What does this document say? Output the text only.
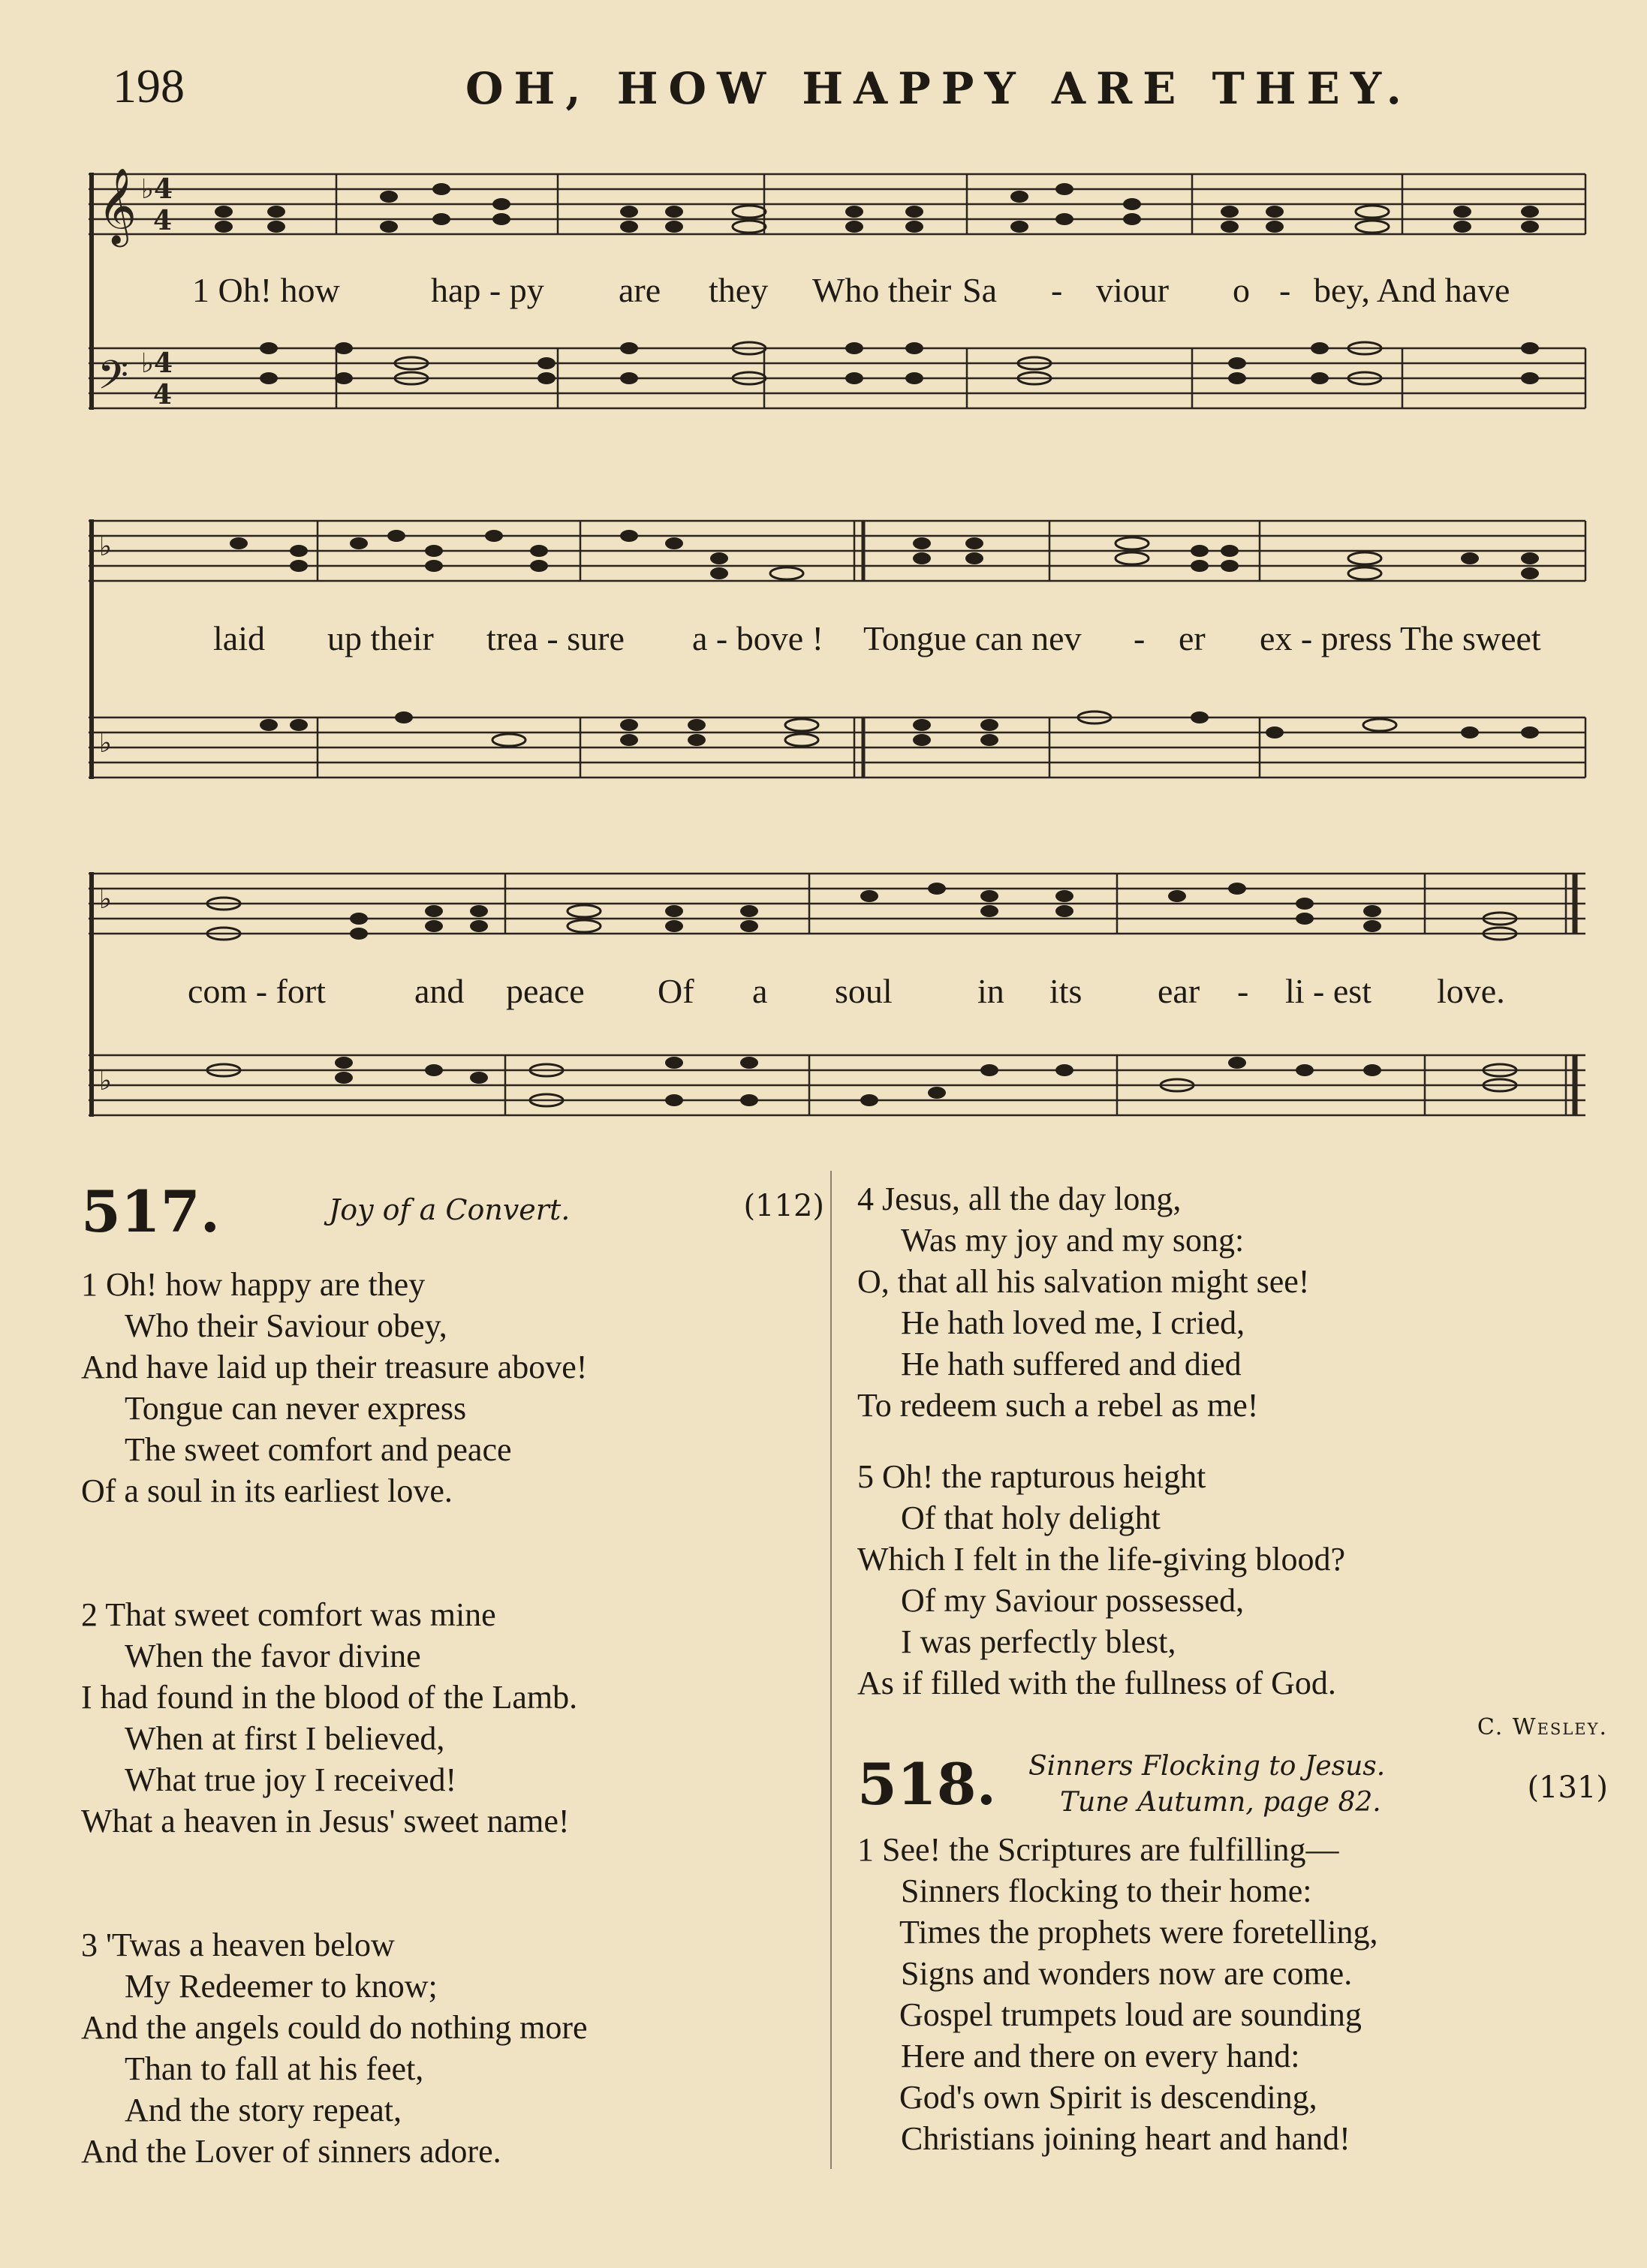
198	OH, HOW HAPPY ARE THEY.
𝄞
𝄢
♭4
4
♭4
4
1 Oh! how	hap - py are they Who their Sa - viour o - bey, And have
♭
♭
laid up their trea - sure a - bove ! Tongue can nev - er ex - press The sweet
♭
♭
com - fort	and peace Of a soul in its ear - li - est love.
517.	Joy of a Convert.	(112)
1 Oh! how happy are they
Who their Saviour obey,
And have laid up their treasure above!
Tongue can never express
The sweet comfort and peace
Of a soul in its earliest love.
2 That sweet comfort was mine
When the favor divine
I had found in the blood of the Lamb.
When at first I believed,
What true joy I received!
What a heaven in Jesus' sweet name!
3 'Twas a heaven below
My Redeemer to know;
And the angels could do nothing more
Than to fall at his feet,
And the story repeat,
And the Lover of sinners adore.
4 Jesus, all the day long,
Was my joy and my song:
O, that all his salvation might see!
He hath loved me, I cried,
He hath suffered and died
To redeem such a rebel as me!
5 Oh! the rapturous height
Of that holy delight
Which I felt in the life-giving blood?
Of my Saviour possessed,
I was perfectly blest,
As if filled with the fullness of God.
C. Wesley.
518. Sinners Flocking to Jesus.
Tune Autumn, page 82.	(131)
1 See! the Scriptures are fulfilling—
Sinners flocking to their home:
Times the prophets were foretelling,
Signs and wonders now are come.
Gospel trumpets loud are sounding
Here and there on every hand:
God's own Spirit is descending,
Christians joining heart and hand!
